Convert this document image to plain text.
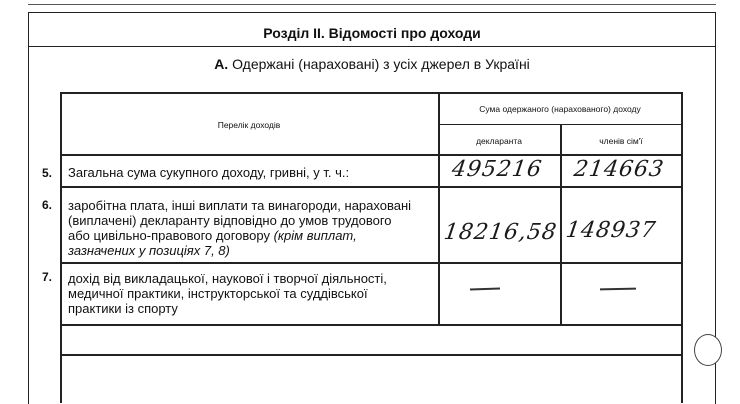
Розділ ІІ. Відомості про доходи
А. Одержані (нараховані) з усіх джерел в Україні
Перелік доходів
Сума одержаного (нарахованого) доходу
декларанта	членів сім'ї
Загальна сума сукупного доходу, гривні, у т. ч.:	495216 214663
заробітна плата, інші виплати та винагороди, нараховані
(виплачені) декларанту відповідно до умов трудового
або цивільно-правового договору (крім виплат,
зазначених у позиціях 7, 8)
18216,58 148937
дохід від викладацької, наукової і творчої діяльності,
медичної практики, інструкторської та суддівської
практики із спорту
5.
6.
7.
